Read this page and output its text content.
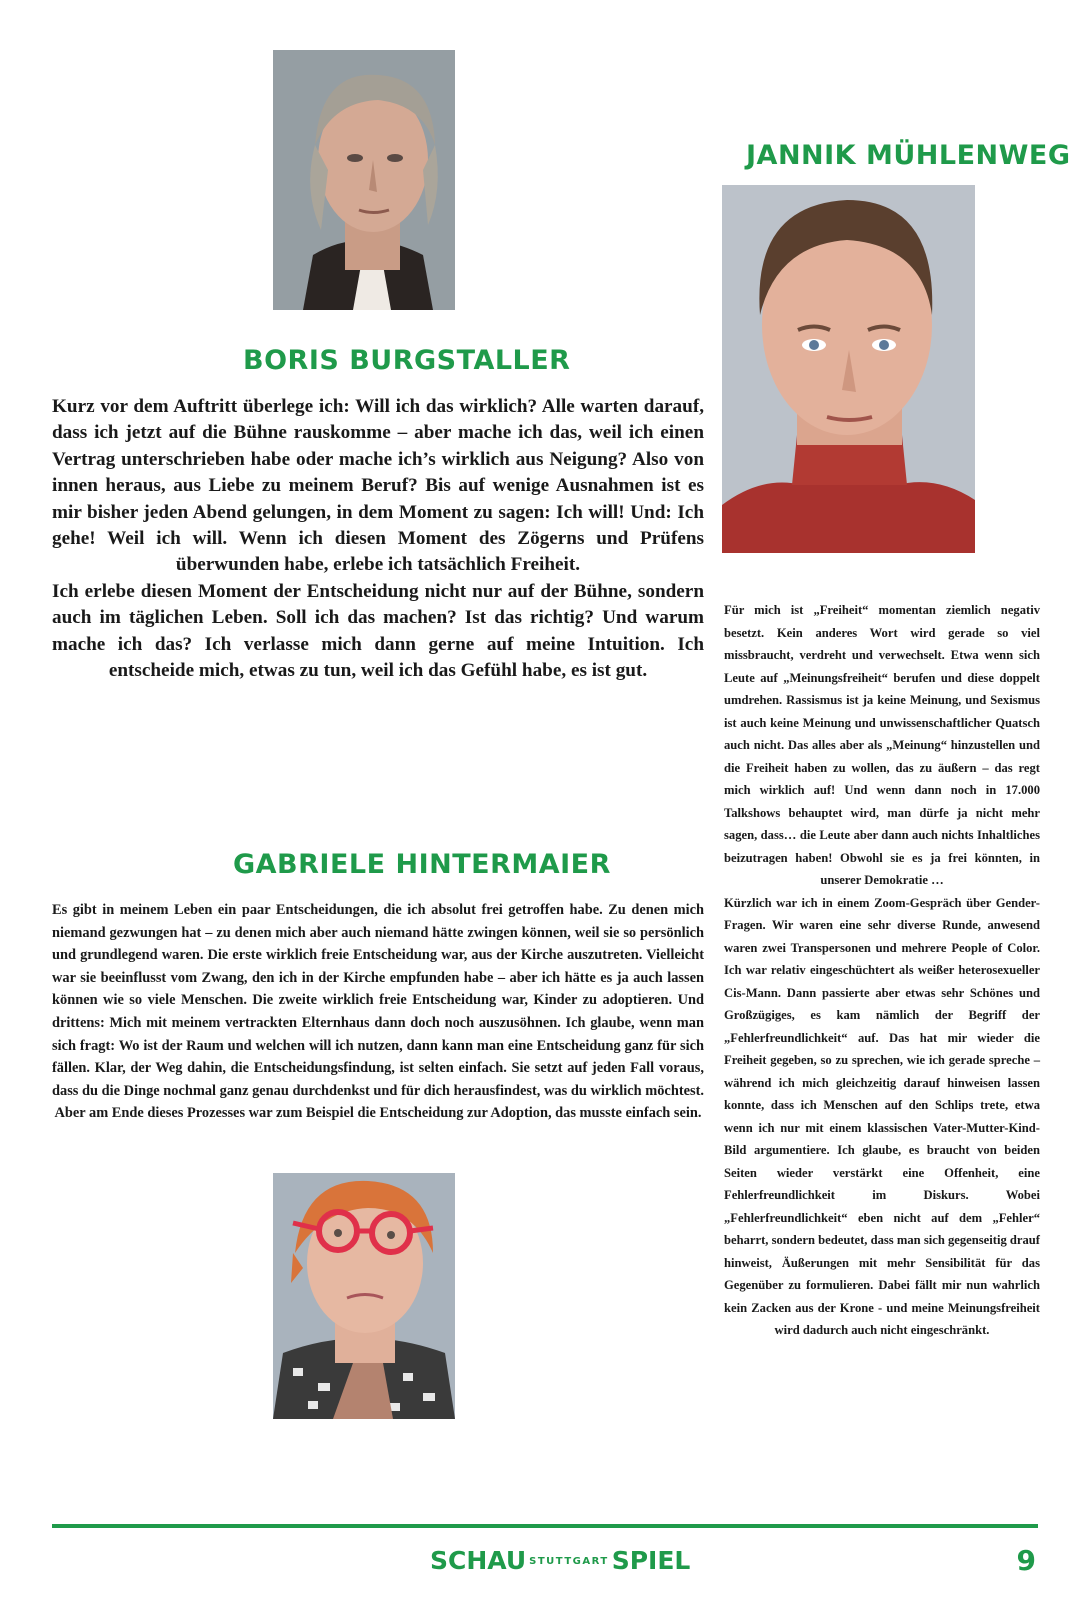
BORIS BURGSTALLER

Kurz vor dem Auftritt überlege ich: Will ich das wirklich? Alle warten darauf, dass ich jetzt auf die Bühne rauskomme – aber mache ich das, weil ich einen Vertrag unterschrieben habe oder mache ich’s wirklich aus Neigung? Also von innen heraus, aus Liebe zu meinem Beruf? Bis auf wenige Ausnahmen ist es mir bisher jeden Abend gelungen, in dem Moment zu sagen: Ich will! Und: Ich gehe! Weil ich will. Wenn ich diesen Moment des Zögerns und Prüfens überwunden habe, erlebe ich tatsächlich Freiheit.

Ich erlebe diesen Moment der Entscheidung nicht nur auf der Bühne, sondern auch im täglichen Leben. Soll ich das machen? Ist das richtig? Und warum mache ich das? Ich verlasse mich dann gerne auf meine Intuition. Ich entscheide mich, etwas zu tun, weil ich das Gefühl habe, es ist gut.

GABRIELE HINTERMAIER

Es gibt in meinem Leben ein paar Entscheidungen, die ich absolut frei getroffen habe. Zu denen mich niemand gezwungen hat – zu denen mich aber auch niemand hätte zwingen können, weil sie so persönlich und grundlegend waren. Die erste wirklich freie Entscheidung war, aus der Kirche auszutreten. Vielleicht war sie beeinflusst vom Zwang, den ich in der Kirche empfunden habe – aber ich hätte es ja auch lassen können wie so viele Menschen. Die zweite wirklich freie Entscheidung war, Kinder zu adoptieren. Und drittens: Mich mit meinem vertrackten Elternhaus dann doch noch auszusöhnen. Ich glaube, wenn man sich fragt: Wo ist der Raum und welchen will ich nutzen, dann kann man eine Entscheidung ganz für sich fällen. Klar, der Weg dahin, die Entscheidungsfindung, ist selten einfach. Sie setzt auf jeden Fall voraus, dass du die Dinge nochmal ganz genau durchdenkst und für dich herausfindest, was du wirklich möchtest. Aber am Ende dieses Prozesses war zum Beispiel die Entscheidung zur Adoption, das musste einfach sein.

JANNIK MÜHLENWEG

Für mich ist „Freiheit“ momentan ziemlich negativ besetzt. Kein anderes Wort wird gerade so viel missbraucht, verdreht und verwechselt. Etwa wenn sich Leute auf „Meinungsfreiheit“ berufen und diese doppelt umdrehen. Rassismus ist ja keine Meinung, und Sexismus ist auch keine Meinung und unwissenschaftlicher Quatsch auch nicht. Das alles aber als „Meinung“ hinzustellen und die Freiheit haben zu wollen, das zu äußern – das regt mich wirklich auf! Und wenn dann noch in 17.000 Talkshows behauptet wird, man dürfe ja nicht mehr sagen, dass… die Leute aber dann auch nichts Inhaltliches beizutragen haben! Obwohl sie es ja frei könnten, in unserer Demokratie …

Kürzlich war ich in einem Zoom-Gespräch über Gender-Fragen. Wir waren eine sehr diverse Runde, anwesend waren zwei Transpersonen und mehrere People of Color. Ich war relativ eingeschüchtert als weißer heterosexueller Cis-Mann. Dann passierte aber etwas sehr Schönes und Großzügiges, es kam nämlich der Begriff der „Fehlerfreundlichkeit“ auf. Das hat mir wieder die Freiheit gegeben, so zu sprechen, wie ich gerade spreche – während ich mich gleichzeitig darauf hinweisen lassen konnte, dass ich Menschen auf den Schlips trete, etwa wenn ich nur mit einem klassischen Vater-Mutter-Kind-Bild argumentiere. Ich glaube, es braucht von beiden Seiten wieder verstärkt eine Offenheit, eine Fehlerfreundlichkeit im Diskurs. Wobei „Fehlerfreundlichkeit“ eben nicht auf dem „Fehler“ beharrt, sondern bedeutet, dass man sich gegenseitig drauf hinweist, Äußerungen mit mehr Sensibilität für das Gegenüber zu formulieren. Dabei fällt mir nun wahrlich kein Zacken aus der Krone - und meine Meinungsfreiheit wird dadurch auch nicht eingeschränkt.

SCHAU $^{STUTTGART}$ SPIEL	9
